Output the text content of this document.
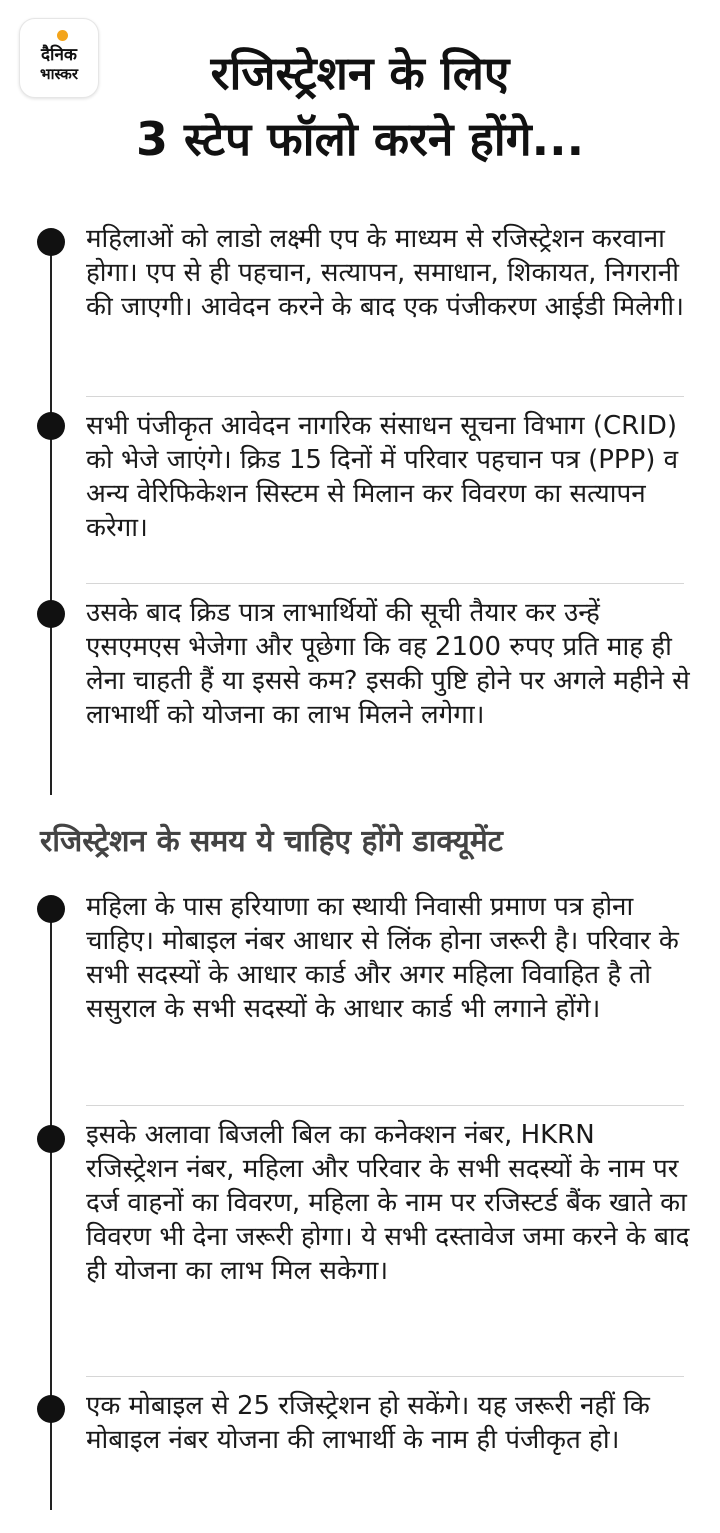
दैनिक
भास्कर	रजिस्ट्रेशन के लिए
3 स्टेप फॉलो करने होंगे...
महिलाओं को लाडो लक्ष्मी एप के माध्यम से रजिस्ट्रेशन करवाना होगा। एप से ही पहचान, सत्यापन, समाधान, शिकायत, निगरानी की जाएगी। आवेदन करने के बाद एक पंजीकरण आईडी मिलेगी।
सभी पंजीकृत आवेदन नागरिक संसाधन सूचना विभाग (CRID) को भेजे जाएंगे। क्रिड 15 दिनों में परिवार पहचान पत्र (PPP) व अन्य वेरिफिकेशन सिस्टम से मिलान कर विवरण का सत्यापन करेगा।
उसके बाद क्रिड पात्र लाभार्थियों की सूची तैयार कर उन्हें एसएमएस भेजेगा और पूछेगा कि वह 2100 रुपए प्रति माह ही लेना चाहती हैं या इससे कम? इसकी पुष्टि होने पर अगले महीने से लाभार्थी को योजना का लाभ मिलने लगेगा।
रजिस्ट्रेशन के समय ये चाहिए होंगे डाक्यूमेंट
महिला के पास हरियाणा का स्थायी निवासी प्रमाण पत्र होना चाहिए। मोबाइल नंबर आधार से लिंक होना जरूरी है। परिवार के सभी सदस्यों के आधार कार्ड और अगर महिला विवाहित है तो ससुराल के सभी सदस्यों के आधार कार्ड भी लगाने होंगे।
इसके अलावा बिजली बिल का कनेक्शन नंबर, HKRN रजिस्ट्रेशन नंबर, महिला और परिवार के सभी सदस्यों के नाम पर दर्ज वाहनों का विवरण, महिला के नाम पर रजिस्टर्ड बैंक खाते का विवरण भी देना जरूरी होगा। ये सभी दस्तावेज जमा करने के बाद ही योजना का लाभ मिल सकेगा।
एक मोबाइल से 25 रजिस्ट्रेशन हो सकेंगे। यह जरूरी नहीं कि मोबाइल नंबर योजना की लाभार्थी के नाम ही पंजीकृत हो।
